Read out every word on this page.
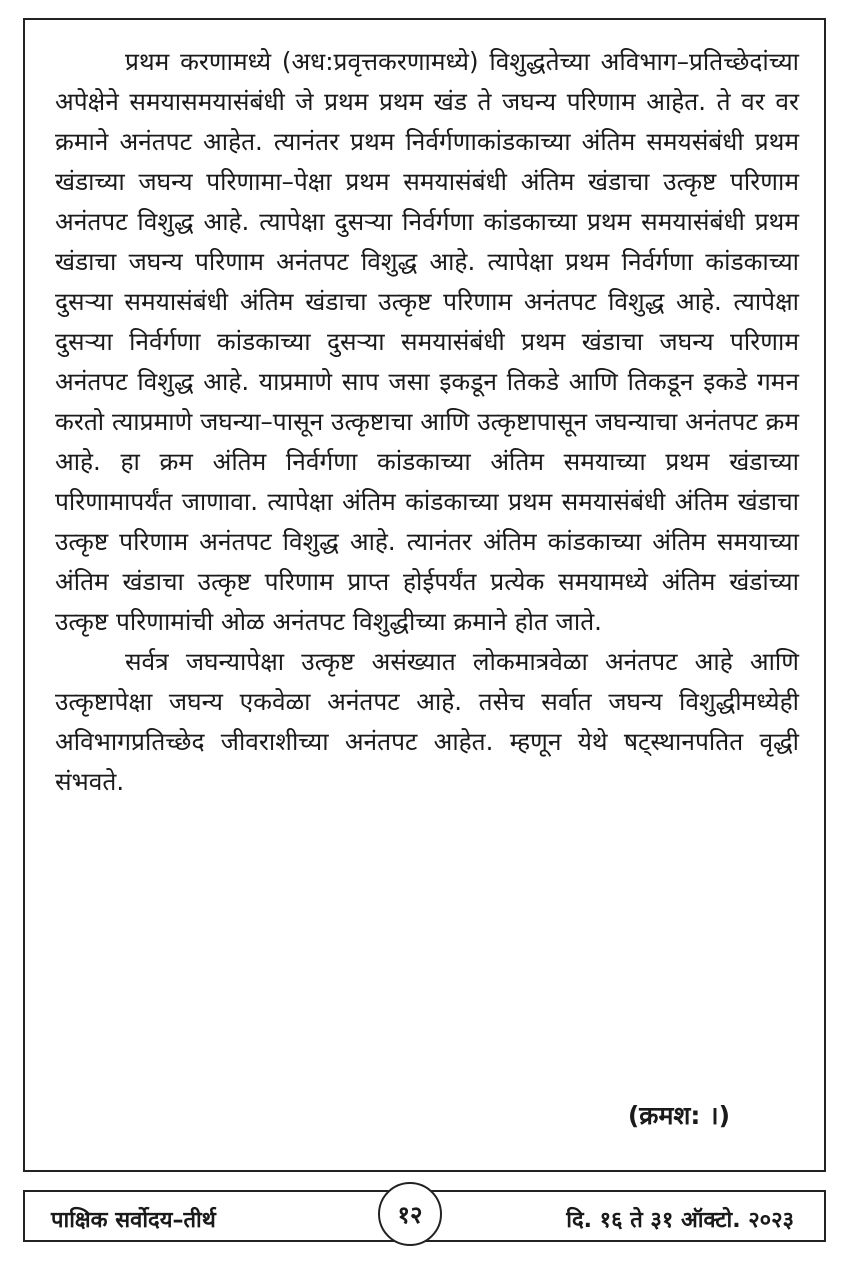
प्रथम करणामध्ये (अध:प्रवृत्तकरणामध्ये) विशुद्धतेच्या अविभाग–प्रतिच्छेदांच्या अपेक्षेने समयासमयासंबंधी जे प्रथम प्रथम खंड ते जघन्य परिणाम आहेत. ते वर वर क्रमाने अनंतपट आहेत. त्यानंतर प्रथम निर्वर्गणाकांडकाच्या अंतिम समयसंबंधी प्रथम खंडाच्या जघन्य परिणामा–पेक्षा प्रथम समयासंबंधी अंतिम खंडाचा उत्कृष्ट परिणाम अनंतपट विशुद्ध आहे. त्यापेक्षा दुसऱ्या निर्वर्गणा कांडकाच्या प्रथम समयासंबंधी प्रथम खंडाचा जघन्य परिणाम अनंतपट विशुद्ध आहे. त्यापेक्षा प्रथम निर्वर्गणा कांडकाच्या दुसऱ्या समयासंबंधी अंतिम खंडाचा उत्कृष्ट परिणाम अनंतपट विशुद्ध आहे. त्यापेक्षा दुसऱ्या निर्वर्गणा कांडकाच्या दुसऱ्या समयासंबंधी प्रथम खंडाचा जघन्य परिणाम अनंतपट विशुद्ध आहे. याप्रमाणे साप जसा इकडून तिकडे आणि तिकडून इकडे गमन करतो त्याप्रमाणे जघन्या–पासून उत्कृष्टाचा आणि उत्कृष्टापासून जघन्याचा अनंतपट क्रम आहे. हा क्रम अंतिम निर्वर्गणा कांडकाच्या अंतिम समयाच्या प्रथम खंडाच्या परिणामापर्यंत जाणावा. त्यापेक्षा अंतिम कांडकाच्या प्रथम समयासंबंधी अंतिम खंडाचा उत्कृष्ट परिणाम अनंतपट विशुद्ध आहे. त्यानंतर अंतिम कांडकाच्या अंतिम समयाच्या अंतिम खंडाचा उत्कृष्ट परिणाम प्राप्त होईपर्यंत प्रत्येक समयामध्ये अंतिम खंडांच्या उत्कृष्ट परिणामांची ओळ अनंतपट विशुद्धीच्या क्रमाने होत जाते.

सर्वत्र जघन्यापेक्षा उत्कृष्ट असंख्यात लोकमात्रवेळा अनंतपट आहे आणि उत्कृष्टापेक्षा जघन्य एकवेळा अनंतपट आहे. तसेच सर्वात जघन्य विशुद्धीमध्येही अविभागप्रतिच्छेद जीवराशीच्या अनंतपट आहेत. म्हणून येथे षट्स्थानपतित वृद्धी संभवते.

(क्रमश: ।)
पाक्षिक सर्वोदय–तीर्थ	दि. १६ ते ३१ ऑक्टो. २०२३
१२
